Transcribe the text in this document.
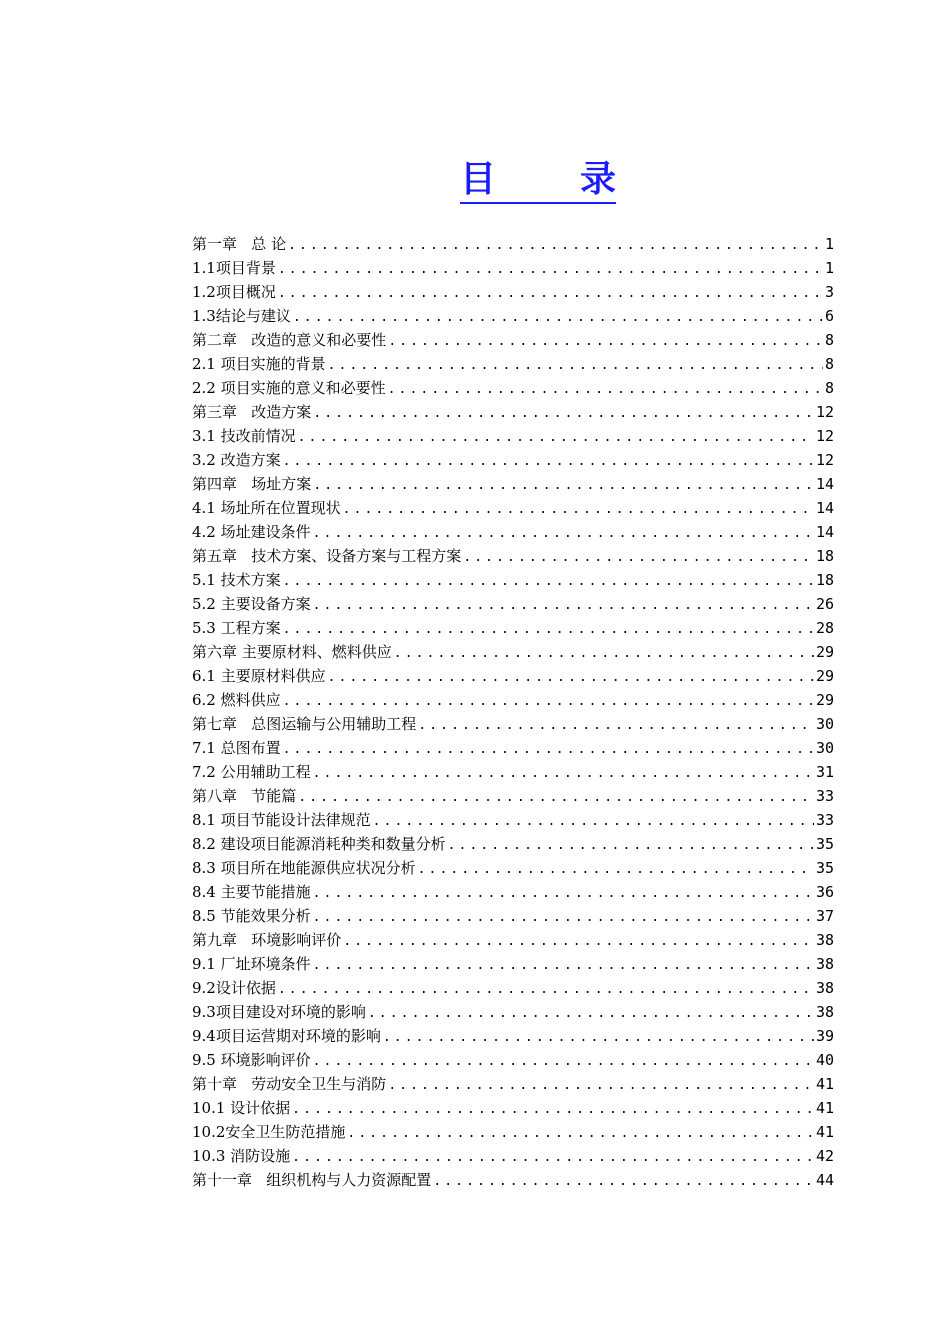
目 录
第一章   总 论 .....	1
1.1项目背景 .....	1
1.2项目概况 .....	3
1.3结论与建议 .....	6
第二章   改造的意义和必要性 .....	8
2.1 项目实施的背景 .....	8
2.2 项目实施的意义和必要性 .....	8
第三章   改造方案 .....	12
3.1 技改前情况 .....	12
3.2 改造方案 .....	12
第四章   场址方案 .....	14
4.1 场址所在位置现状 .....	14
4.2 场址建设条件 .....	14
第五章   技术方案、设备方案与工程方案 .....	18
5.1 技术方案 .....	18
5.2 主要设备方案 .....	26
5.3 工程方案 .....	28
第六章 主要原材料、燃料供应 .....	29
6.1 主要原材料供应 .....	29
6.2 燃料供应 .....	29
第七章   总图运输与公用辅助工程 .....	30
7.1 总图布置 .....	30
7.2 公用辅助工程 .....	31
第八章   节能篇 .....	33
8.1 项目节能设计法律规范 .....	33
8.2 建设项目能源消耗种类和数量分析 .....	35
8.3 项目所在地能源供应状况分析 .....	35
8.4 主要节能措施 .....	36
8.5 节能效果分析 .....	37
第九章   环境影响评价 .....	38
9.1 厂址环境条件 .....	38
9.2设计依据 .....	38
9.3项目建设对环境的影响 .....	38
9.4项目运营期对环境的影响 .....	39
9.5 环境影响评价 .....	40
第十章   劳动安全卫生与消防 .....	41
10.1 设计依据 .....	41
10.2安全卫生防范措施 .....	41
10.3 消防设施 .....	42
第十一章   组织机构与人力资源配置 .....	44
